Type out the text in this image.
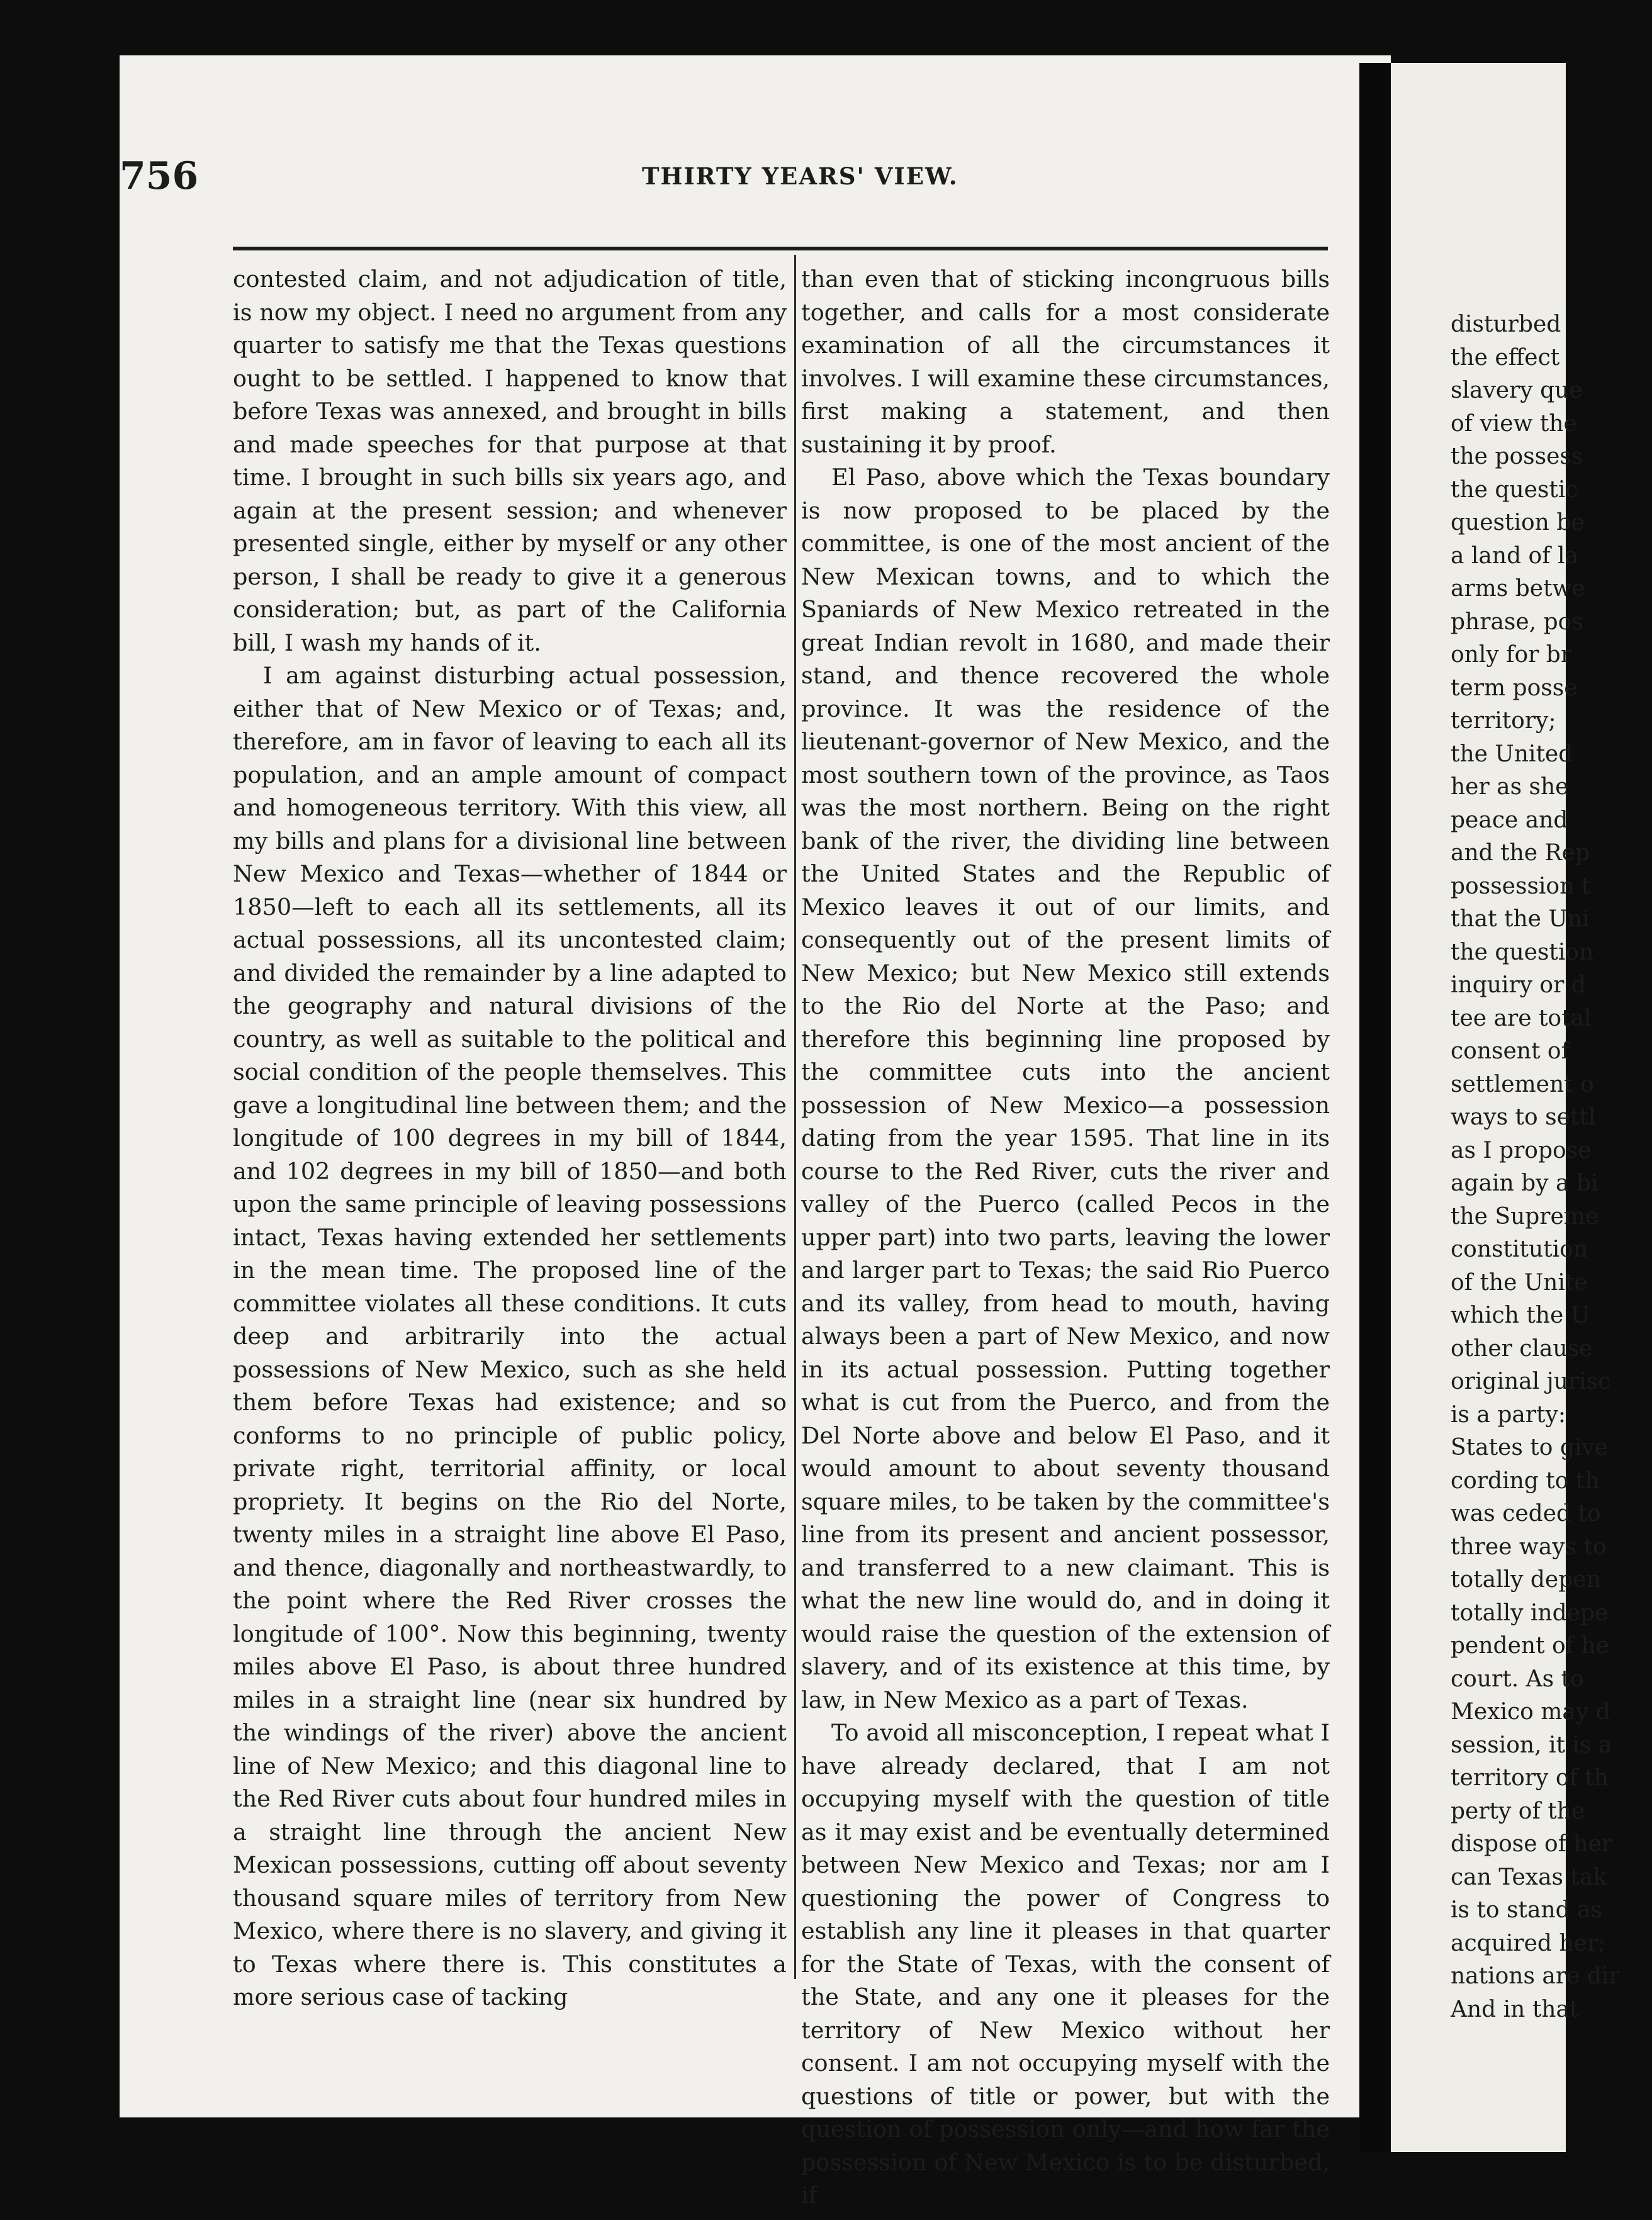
756	THIRTY YEARS' VIEW.

contested claim, and not adjudication of title, is now my object. I need no argument from any quarter to satisfy me that the Texas questions ought to be settled. I happened to know that before Texas was annexed, and brought in bills and made speeches for that purpose at that time. I brought in such bills six years ago, and again at the present session; and whenever presented single, either by myself or any other person, I shall be ready to give it a generous consideration; but, as part of the California bill, I wash my hands of it.

I am against disturbing actual possession, either that of New Mexico or of Texas; and, therefore, am in favor of leaving to each all its population, and an ample amount of compact and homogeneous territory. With this view, all my bills and plans for a divisional line between New Mexico and Texas—whether of 1844 or 1850—left to each all its settlements, all its actual possessions, all its uncontested claim; and divided the remainder by a line adapted to the geography and natural divisions of the country, as well as suitable to the political and social condition of the people themselves. This gave a longitudinal line between them; and the longitude of 100 degrees in my bill of 1844, and 102 degrees in my bill of 1850—and both upon the same principle of leaving possessions intact, Texas having extended her settlements in the mean time. The proposed line of the committee violates all these conditions. It cuts deep and arbitrarily into the actual possessions of New Mexico, such as she held them before Texas had existence; and so conforms to no principle of public policy, private right, territorial affinity, or local propriety. It begins on the Rio del Norte, twenty miles in a straight line above El Paso, and thence, diagonally and northeastwardly, to the point where the Red River crosses the longitude of 100°. Now this beginning, twenty miles above El Paso, is about three hundred miles in a straight line (near six hundred by the windings of the river) above the ancient line of New Mexico; and this diagonal line to the Red River cuts about four hundred miles in a straight line through the ancient New Mexican possessions, cutting off about seventy thousand square miles of territory from New Mexico, where there is no slavery, and giving it to Texas where there is. This constitutes a more serious case of tacking

than even that of sticking incongruous bills together, and calls for a most considerate examination of all the circumstances it involves. I will examine these circumstances, first making a statement, and then sustaining it by proof.

El Paso, above which the Texas boundary is now proposed to be placed by the committee, is one of the most ancient of the New Mexican towns, and to which the Spaniards of New Mexico retreated in the great Indian revolt in 1680, and made their stand, and thence recovered the whole province. It was the residence of the lieutenant-governor of New Mexico, and the most southern town of the province, as Taos was the most northern. Being on the right bank of the river, the dividing line between the United States and the Republic of Mexico leaves it out of our limits, and consequently out of the present limits of New Mexico; but New Mexico still extends to the Rio del Norte at the Paso; and therefore this beginning line proposed by the committee cuts into the ancient possession of New Mexico—a possession dating from the year 1595. That line in its course to the Red River, cuts the river and valley of the Puerco (called Pecos in the upper part) into two parts, leaving the lower and larger part to Texas; the said Rio Puerco and its valley, from head to mouth, having always been a part of New Mexico, and now in its actual possession. Putting together what is cut from the Puerco, and from the Del Norte above and below El Paso, and it would amount to about seventy thousand square miles, to be taken by the committee's line from its present and ancient possessor, and transferred to a new claimant. This is what the new line would do, and in doing it would raise the question of the extension of slavery, and of its existence at this time, by law, in New Mexico as a part of Texas.

To avoid all misconception, I repeat what I have already declared, that I am not occupying myself with the question of title as it may exist and be eventually determined between New Mexico and Texas; nor am I questioning the power of Congress to establish any line it pleases in that quarter for the State of Texas, with the consent of the State, and any one it pleases for the territory of New Mexico without her consent. I am not occupying myself with the questions of title or power, but with the question of possession only—and how far the possession of New Mexico is to be disturbed, if

disturbed
the effect
slavery que
of view the
the possess
the questic
question be
a land of la
arms betwe
phrase, pos
only for br
term posse
territory;
the United
her as she
peace and
and the Rep
possession t
that the Uni
the question
inquiry or d
tee are total
consent of
settlement o
ways to settl
as I propose
again by a bi
the Supreme
constitution
of the Unite
which the U
other clause
original jurisc
is a party:
States to give
cording to th
was ceded to
three ways to
totally depen
totally indepe
pendent of he
court. As to
Mexico may d
session, it is a
territory of th
perty of the
dispose of her
can Texas tak
is to stand as
acquired her;
nations are dir
And in that
